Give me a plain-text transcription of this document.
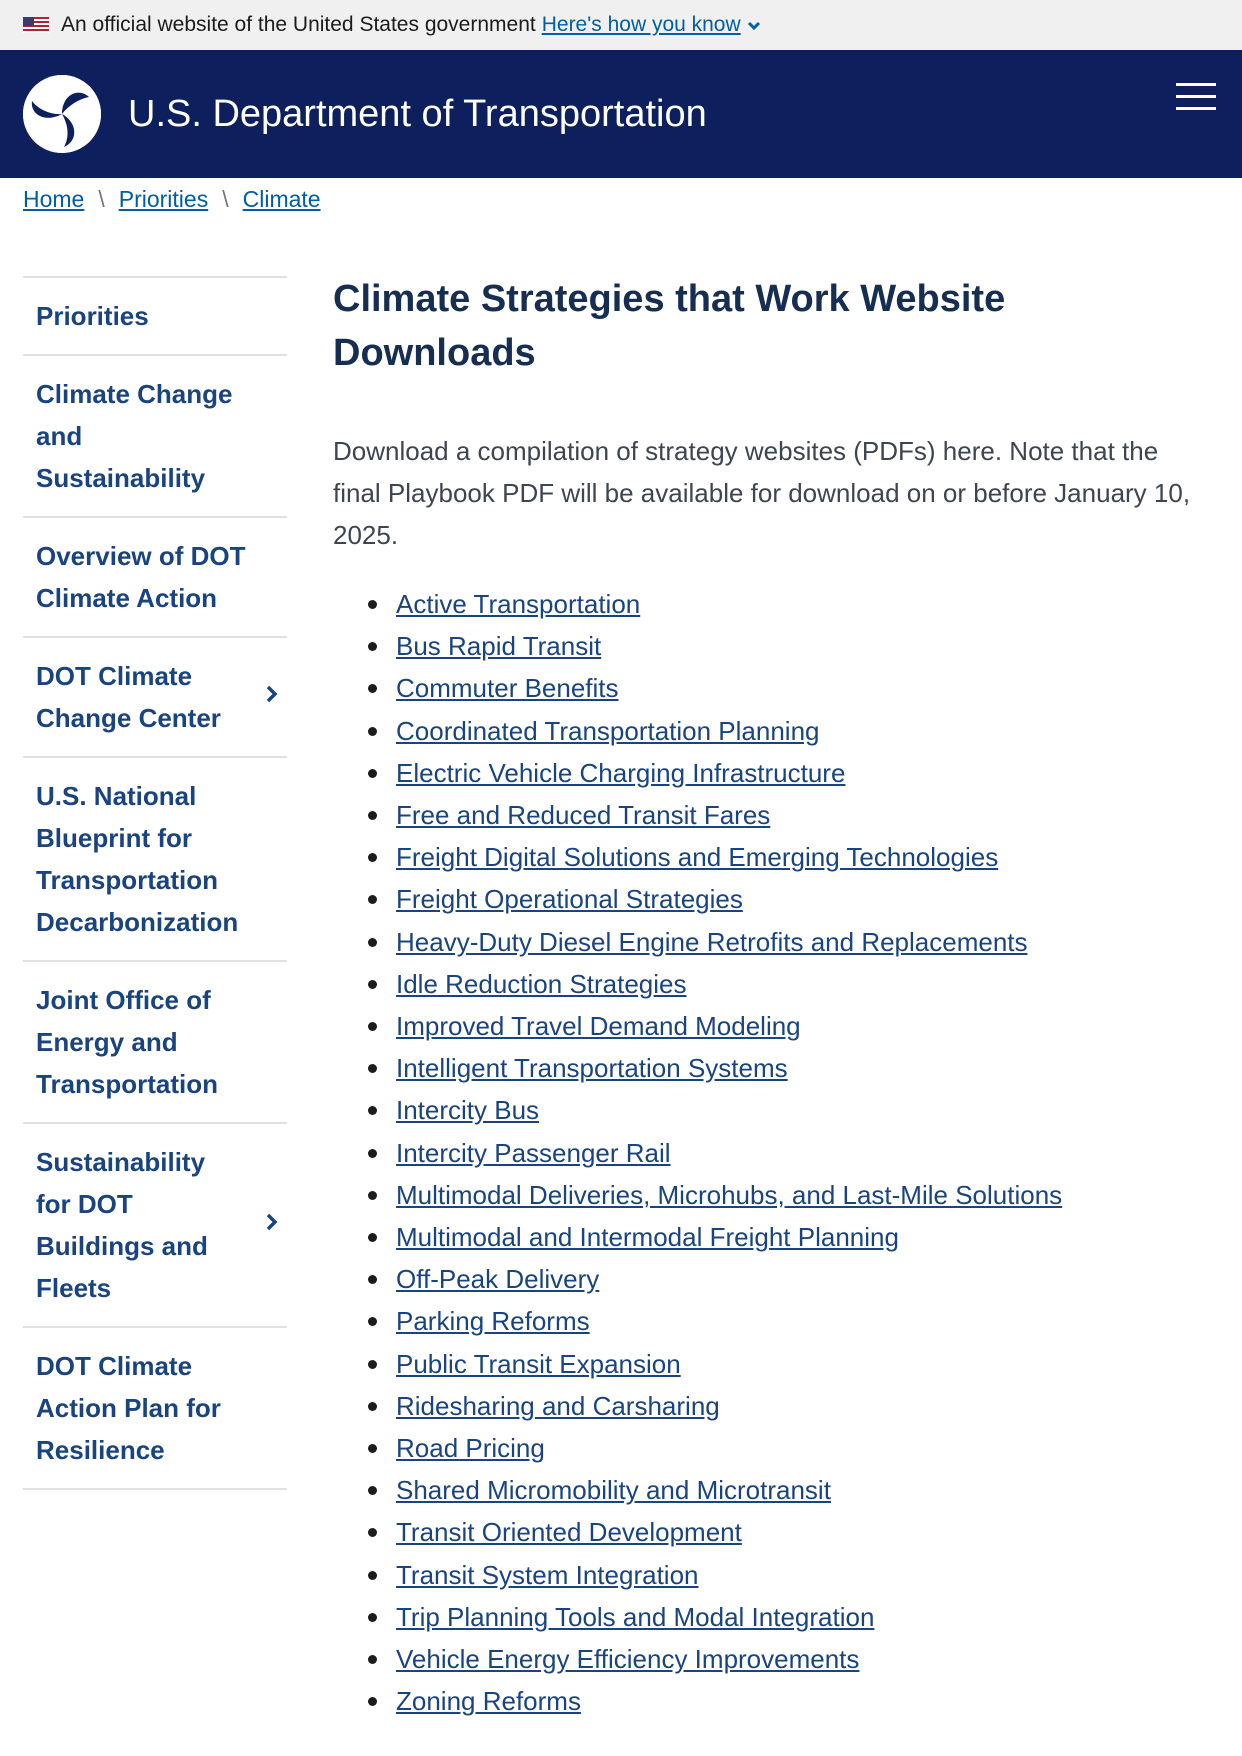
An official website of the United States government Here's how you know
U.S. Department of Transportation
Home \ Priorities \ Climate
Priorities
Climate Change and Sustainability
Overview of DOT Climate Action
DOT Climate Change Center
U.S. National Blueprint for Transportation Decarbonization
Joint Office of Energy and Transportation
Sustainability for DOT Buildings and Fleets
DOT Climate Action Plan for Resilience
Climate Strategies that Work Website Downloads

Download a compilation of strategy websites (PDFs) here. Note that the final Playbook PDF will be available for download on or before January 10, 2025.

Active Transportation
Bus Rapid Transit
Commuter Benefits
Coordinated Transportation Planning
Electric Vehicle Charging Infrastructure
Free and Reduced Transit Fares
Freight Digital Solutions and Emerging Technologies
Freight Operational Strategies
Heavy-Duty Diesel Engine Retrofits and Replacements
Idle Reduction Strategies
Improved Travel Demand Modeling
Intelligent Transportation Systems
Intercity Bus
Intercity Passenger Rail
Multimodal Deliveries, Microhubs, and Last-Mile Solutions
Multimodal and Intermodal Freight Planning
Off-Peak Delivery
Parking Reforms
Public Transit Expansion
Ridesharing and Carsharing
Road Pricing
Shared Micromobility and Microtransit
Transit Oriented Development
Transit System Integration
Trip Planning Tools and Modal Integration
Vehicle Energy Efficiency Improvements
Zoning Reforms
